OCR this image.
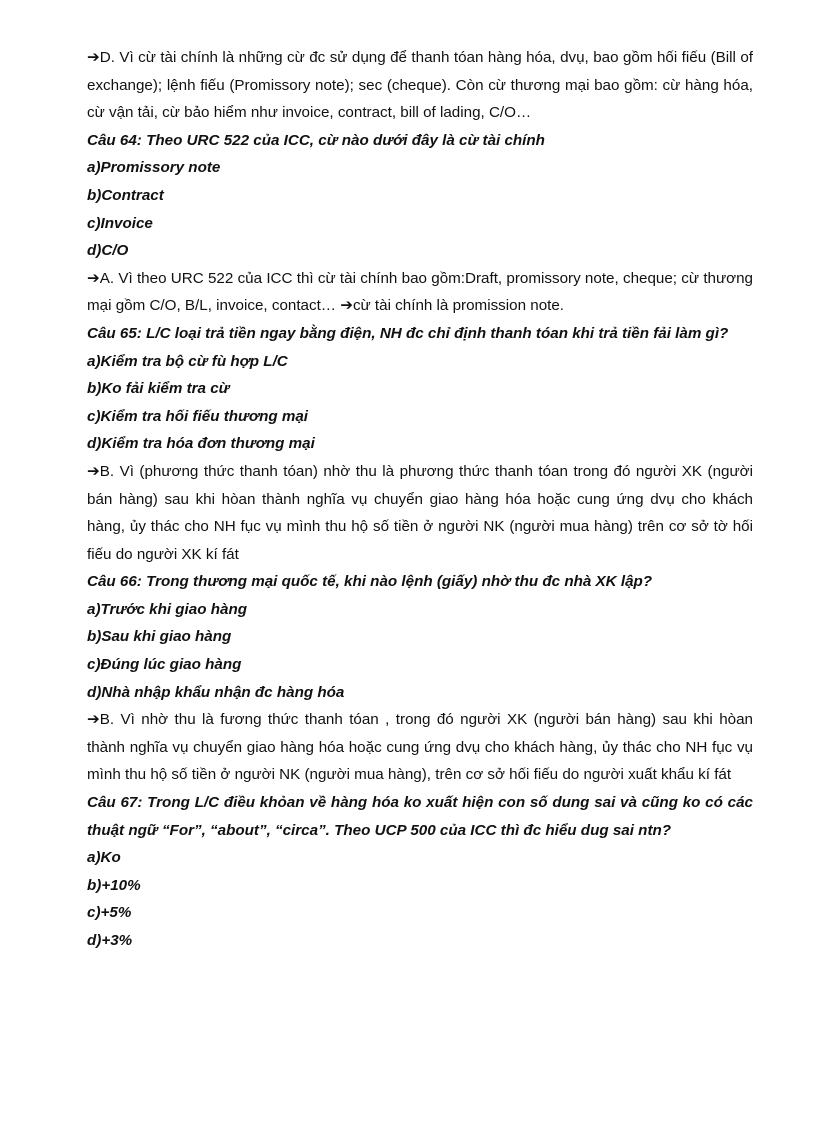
➔D. Vì cừ tài chính là những cừ đc sử dụng để thanh tóan hàng hóa, dvụ, bao gồm hối fiếu (Bill of exchange); lệnh fiếu (Promissory note); sec (cheque). Còn cừ thương mại bao gồm: cừ hàng hóa, cừ vận tải, cừ bảo hiểm như invoice, contract, bill of lading, C/O…

Câu 64: Theo URC 522 của ICC, cừ nào dưới đây là cừ tài chính

a)Promissory note

b)Contract

c)Invoice

d)C/O

➔A. Vì theo URC 522 của ICC thì cừ tài chính bao gồm:Draft, promissory note, cheque; cừ thương mại gồm C/O, B/L, invoice, contact… ➔cừ tài chính là promission note.

Câu 65: L/C loại trả tiền ngay bằng điện, NH đc chỉ định thanh tóan khi trả tiền fải làm gì?

a)Kiểm tra bộ cừ fù hợp L/C

b)Ko fải kiểm tra cừ

c)Kiểm tra hối fiếu thương mại

d)Kiểm tra hóa đơn thương mại

➔B. Vì (phương thức thanh tóan) nhờ thu là phương thức thanh tóan trong đó người XK (người bán hàng) sau khi hòan thành nghĩa vụ chuyển giao hàng hóa hoặc cung ứng dvụ cho khách hàng, ủy thác cho NH fục vụ mình thu hộ số tiền ở người NK (người mua hàng) trên cơ sở tờ hối fiếu do người XK kí fát

Câu 66: Trong thương mại quốc tế, khi nào lệnh (giấy) nhờ thu đc nhà XK lập?

a)Trước khi giao hàng

b)Sau khi giao hàng

c)Đúng lúc giao hàng

d)Nhà nhập khẩu nhận đc hàng hóa

➔B. Vì nhờ thu là fương thức thanh tóan , trong đó người XK (người bán hàng) sau khi hòan thành nghĩa vụ chuyển giao hàng hóa hoặc cung ứng dvụ cho khách hàng, ủy thác cho NH fục vụ mình thu hộ số tiền ở người NK (người mua hàng), trên cơ sở hối fiếu do người xuất khẩu kí fát

Câu 67: Trong L/C điều khỏan về hàng hóa ko xuất hiện con số dung sai và cũng ko có các thuật ngữ “For”, “about”, “circa”. Theo UCP 500 của ICC thì đc hiểu dug sai ntn?

a)Ko

b)+10%

c)+5%

d)+3%
